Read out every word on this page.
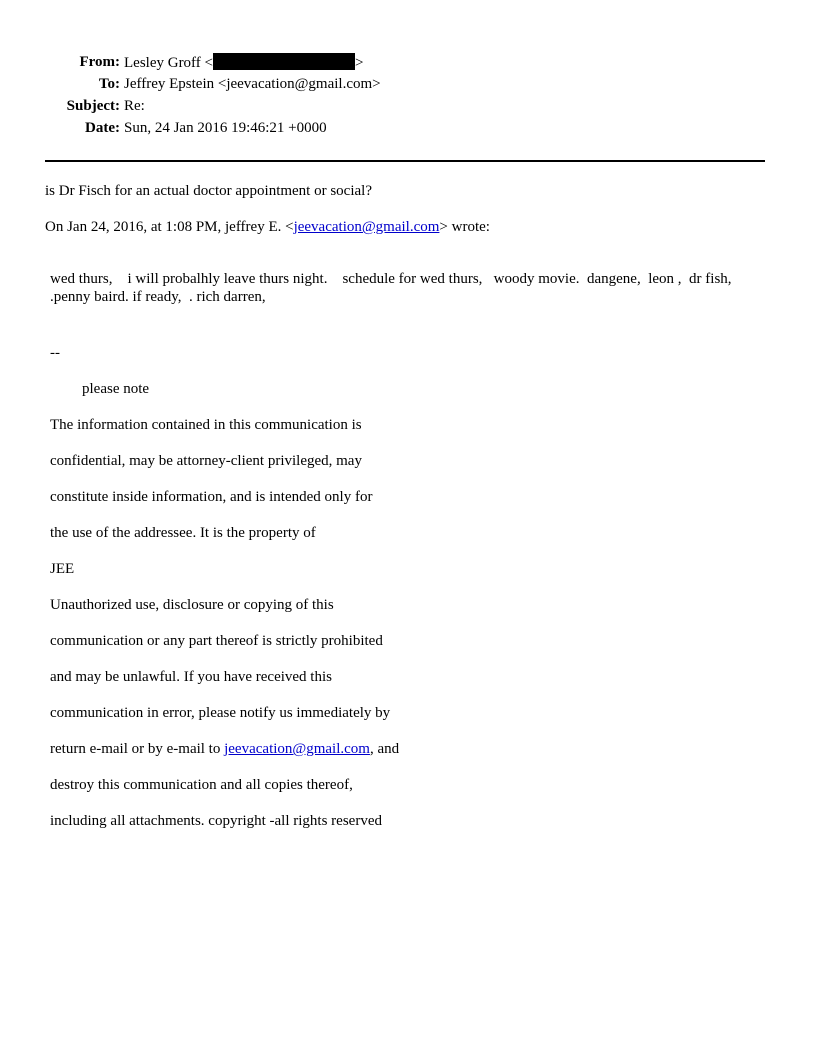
From: Lesley Groff <	>
To: Jeffrey Epstein <jeevacation@gmail.com>
Subject: Re:
Date: Sun, 24 Jan 2016 19:46:21 +0000
is Dr Fisch for an actual doctor appointment or social?
On Jan 24, 2016, at 1:08 PM, jeffrey E. <jeevacation@gmail.com> wrote:
wed thurs,    i will probalhly leave thurs night.    schedule for wed thurs,   woody movie.  dangene,  leon ,  dr fish, .penny baird. if ready,  . rich darren,

--

please note

The information contained in this communication is

confidential, may be attorney-client privileged, may

constitute inside information, and is intended only for

the use of the addressee. It is the property of

JEE

Unauthorized use, disclosure or copying of this

communication or any part thereof is strictly prohibited

and may be unlawful. If you have received this

communication in error, please notify us immediately by

return e-mail or by e-mail to jeevacation@gmail.com, and

destroy this communication and all copies thereof,

including all attachments. copyright -all rights reserved
